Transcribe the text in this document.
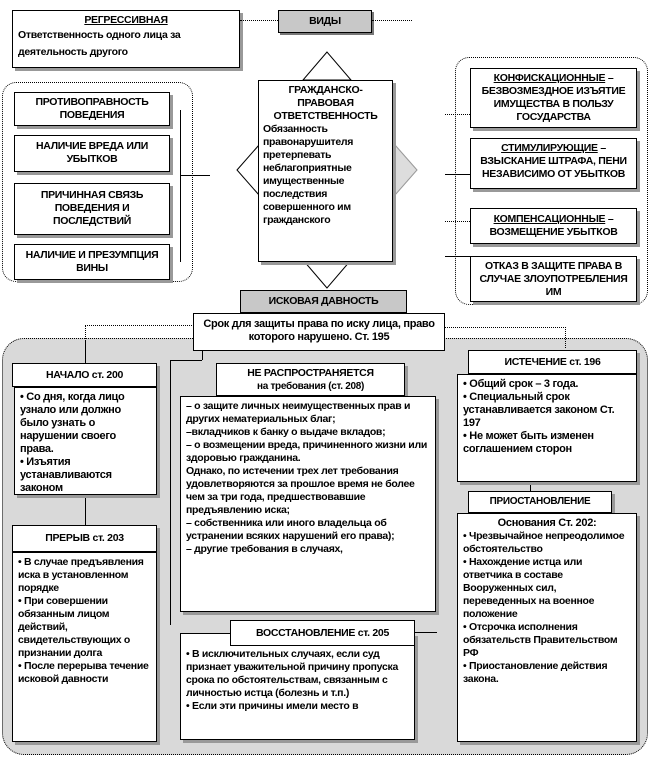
РЕГРЕССИВНАЯ
Ответственность одного лица за деятельность другого
ВИДЫ
ПРОТИВОПРАВНОСТЬ ПОВЕДЕНИЯ
НАЛИЧИЕ ВРЕДА ИЛИ УБЫТКОВ
ПРИЧИННАЯ СВЯЗЬ ПОВЕДЕНИЯ И ПОСЛЕДСТВИЙ
НАЛИЧИЕ И ПРЕЗУМПЦИЯ ВИНЫ
ГРАЖДАНСКО-ПРАВОВАЯ ОТВЕТСТВЕННОСТЬ
Обязанность правонарушителя претерпевать неблагоприятные имущественные последствия совершенного им гражданского
КОНФИСКАЦИОННЫЕ – БЕЗВОЗМЕЗДНОЕ ИЗЪЯТИЕ ИМУЩЕСТВА В ПОЛЬЗУ ГОСУДАРСТВА
СТИМУЛИРУЮЩИЕ – ВЗЫСКАНИЕ ШТРАФА, ПЕНИ НЕЗАВИСИМО ОТ УБЫТКОВ
КОМПЕНСАЦИОННЫЕ – ВОЗМЕЩЕНИЕ УБЫТКОВ
ОТКАЗ В ЗАЩИТЕ ПРАВА В СЛУЧАЕ ЗЛОУПОТРЕБЛЕНИЯ ИМ
ИСКОВАЯ ДАВНОСТЬ
Срок для защиты права по иску лица, право которого нарушено. Ст. 195
НАЧАЛО ст. 200
• Со дня, когда лицо узнало или должно было узнать о нарушении своего права.
• Изъятия устанавливаются законом
НЕ РАСПРОСТРАНЯЕТСЯ
на требования (ст. 208)
– о защите личных неимущественных прав и других нематериальных благ;
–вкладчиков к банку о выдаче вкладов;
– о возмещении вреда, причиненного жизни или здоровью гражданина.
Однако, по истечении трех лет требования удовлетворяются за прошлое время не более чем за три года, предшествовавшие предъявлению иска;
– собственника или иного владельца об устранении всяких нарушений его права);
– другие требования в случаях,
ИСТЕЧЕНИЕ ст. 196
• Общий срок – 3 года.
• Специальный срок устанавливается законом Ст. 197
• Не может быть изменен соглашением сторон
ПРИОСТАНОВЛЕНИЕ
Основания Ст. 202:
• Чрезвычайное непреодолимое обстоятельство
• Нахождение истца или ответчика в составе Вооруженных сил, переведенных на военное положение
• Отсрочка исполнения обязательств Правительством РФ
• Приостановление действия закона.
ПРЕРЫВ ст. 203
• В случае предъявления иска в установленном порядке
• При совершении обязанным лицом действий, свидетельствующих о признании долга
• После перерыва течение исковой давности
• В исключительных случаях, если суд признает уважительной причину пропуска срока по обстоятельствам, связанным с личностью истца (болезнь и т.п.)
• Если эти причины имели место в
ВОССТАНОВЛЕНИЕ ст. 205
